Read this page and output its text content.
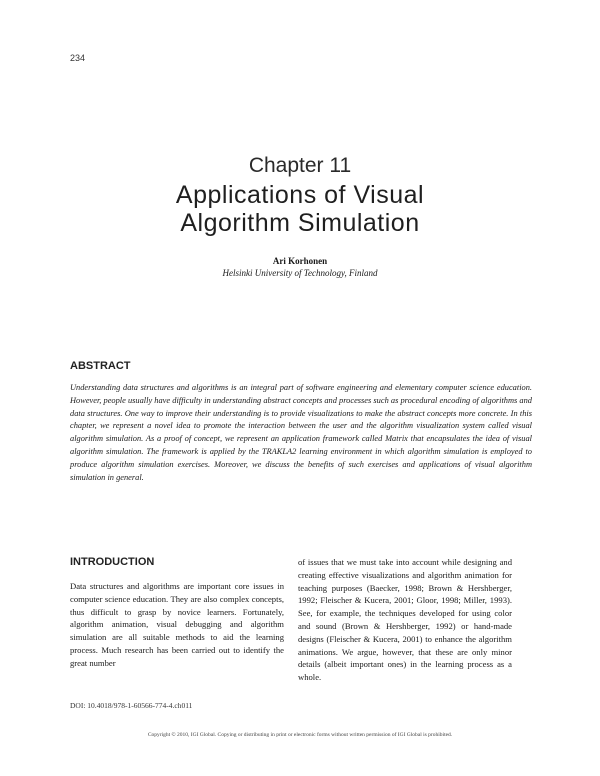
234
Chapter 11
Applications of Visual
Algorithm Simulation
Ari Korhonen
Helsinki University of Technology, Finland
ABSTRACT
Understanding data structures and algorithms is an integral part of software engineering and elementary computer science education. However, people usually have difficulty in understanding abstract concepts and processes such as procedural encoding of algorithms and data structures. One way to improve their understanding is to provide visualizations to make the abstract concepts more concrete. In this chapter, we represent a novel idea to promote the interaction between the user and the algorithm visualization system called visual algorithm simulation. As a proof of concept, we represent an application framework called Matrix that encapsulates the idea of visual algorithm simulation. The framework is applied by the TRAKLA2 learning environment in which algorithm simulation is employed to produce algorithm simulation exercises. Moreover, we discuss the benefits of such exercises and applications of visual algorithm simulation in general.
INTRODUCTION
Data structures and algorithms are important core issues in computer science education. They are also complex concepts, thus difficult to grasp by novice learners. Fortunately, algorithm animation, visual debugging and algorithm simulation are all suitable methods to aid the learning process. Much research has been carried out to identify the great number
of issues that we must take into account while designing and creating effective visualizations and algorithm animation for teaching purposes (Baecker, 1998; Brown & Hershberger, 1992; Fleischer & Kucera, 2001; Gloor, 1998; Miller, 1993). See, for example, the techniques developed for using color and sound (Brown & Hershberger, 1992) or hand-made designs (Fleischer & Kucera, 2001) to enhance the algorithm animations. We argue, however, that these are only minor details (albeit important ones) in the learning process as a whole.
DOI: 10.4018/978-1-60566-774-4.ch011
Copyright © 2010, IGI Global. Copying or distributing in print or electronic forms without written permission of IGI Global is prohibited.
